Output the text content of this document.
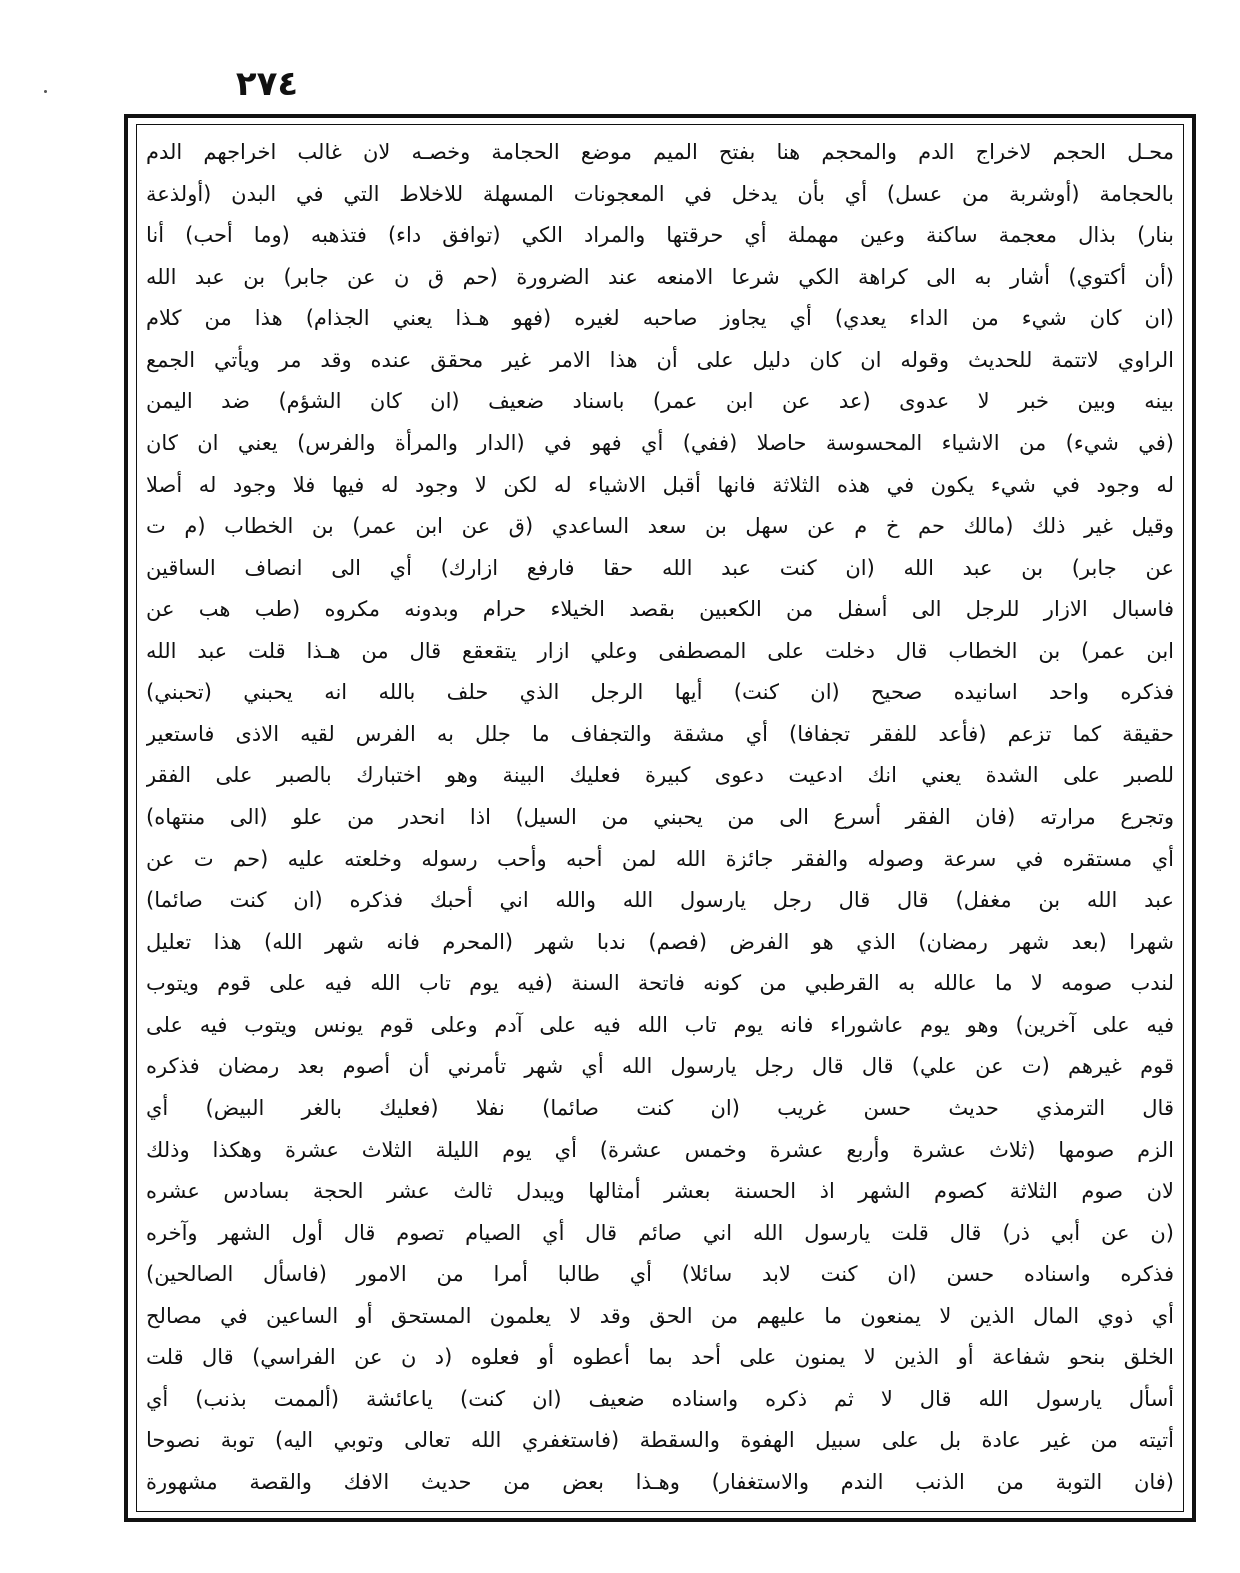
٢٧٤
محـل الحجم لاخراج الدم والمحجم هنا بفتح الميم موضع الحجامة وخصـه لان غالب اخراجهم الدم
بالحجامة (أوشربة من عسل) أي بأن يدخل في المعجونات المسهلة للاخلاط التي في البدن (أولذعة
بنار) بذال معجمة ساكنة وعين مهملة أي حرقتها والمراد الكي (توافق داء) فتذهبه (وما أحب) أنا
(أن أكتوي) أشار به الى كراهة الكي شرعا الامنعه عند الضرورة (حم ق ن عن جابر) بن عبد الله
(ان كان شيء من الداء يعدي) أي يجاوز صاحبه لغيره (فهو هـذا يعني الجذام) هذا من كلام
الراوي لاتتمة للحديث وقوله ان كان دليل على أن هذا الامر غير محقق عنده وقد مر ويأتي الجمع
بينه وبين خبر لا عدوى (عد عن ابن عمر) باسناد ضعيف (ان كان الشؤم) ضد اليمن
(في شيء) من الاشياء المحسوسة حاصلا (ففي) أي فهو في (الدار والمرأة والفرس) يعني ان كان
له وجود في شيء يكون في هذه الثلاثة فانها أقبل الاشياء له لكن لا وجود له فيها فلا وجود له أصلا
وقيل غير ذلك (مالك حم خ م عن سهل بن سعد الساعدي (ق عن ابن عمر) بن الخطاب (م ت
عن جابر) بن عبد الله (ان كنت عبد الله حقا فارفع ازارك) أي الى انصاف الساقين
فاسبال الازار للرجل الى أسفل من الكعبين بقصد الخيلاء حرام وبدونه مكروه (طب هب عن
ابن عمر) بن الخطاب قال دخلت على المصطفى وعلي ازار يتقعقع قال من هـذا قلت عبد الله
فذكره واحد اسانيده صحيح (ان كنت) أيها الرجل الذي حلف بالله انه يحبني (تحبني)
حقيقة كما تزعم (فأعد للفقر تجفافا) أي مشقة والتجفاف ما جلل به الفرس لقيه الاذى فاستعير
للصبر على الشدة يعني انك ادعيت دعوى كبيرة فعليك البينة وهو اختبارك بالصبر على الفقر
وتجرع مرارته (فان الفقر أسرع الى من يحبني من السيل) اذا انحدر من علو (الى منتهاه)
أي مستقره في سرعة وصوله والفقر جائزة الله لمن أحبه وأحب رسوله وخلعته عليه (حم ت عن
عبد الله بن مغفل) قال قال رجل يارسول الله والله اني أحبك فذكره (ان كنت صائما)
شهرا (بعد شهر رمضان) الذي هو الفرض (فصم) ندبا شهر (المحرم فانه شهر الله) هذا تعليل
لندب صومه لا ما عالله به القرطبي من كونه فاتحة السنة (فيه يوم تاب الله فيه على قوم ويتوب
فيه على آخرين) وهو يوم عاشوراء فانه يوم تاب الله فيه على آدم وعلى قوم يونس ويتوب فيه على
قوم غيرهم (ت عن علي) قال قال رجل يارسول الله أي شهر تأمرني أن أصوم بعد رمضان فذكره
قال الترمذي حديث حسن غريب (ان كنت صائما) نفلا (فعليك بالغر البيض) أي
الزم صومها (ثلاث عشرة وأربع عشرة وخمس عشرة) أي يوم الليلة الثلاث عشرة وهكذا وذلك
لان صوم الثلاثة كصوم الشهر اذ الحسنة بعشر أمثالها ويبدل ثالث عشر الحجة بسادس عشره
(ن عن أبي ذر) قال قلت يارسول الله اني صائم قال أي الصيام تصوم قال أول الشهر وآخره
فذكره واسناده حسن (ان كنت لابد سائلا) أي طالبا أمرا من الامور (فاسأل الصالحين)
أي ذوي المال الذين لا يمنعون ما عليهم من الحق وقد لا يعلمون المستحق أو الساعين في مصالح
الخلق بنحو شفاعة أو الذين لا يمنون على أحد بما أعطوه أو فعلوه (د ن عن الفراسي) قال قلت
أسأل يارسول الله قال لا ثم ذكره واسناده ضعيف (ان كنت) ياعائشة (ألممت بذنب) أي
أتيته من غير عادة بل على سبيل الهفوة والسقطة (فاستغفري الله تعالى وتوبي اليه) توبة نصوحا
(فان التوبة من الذنب الندم والاستغفار) وهـذا بعض من حديث الافك والقصة مشهورة
